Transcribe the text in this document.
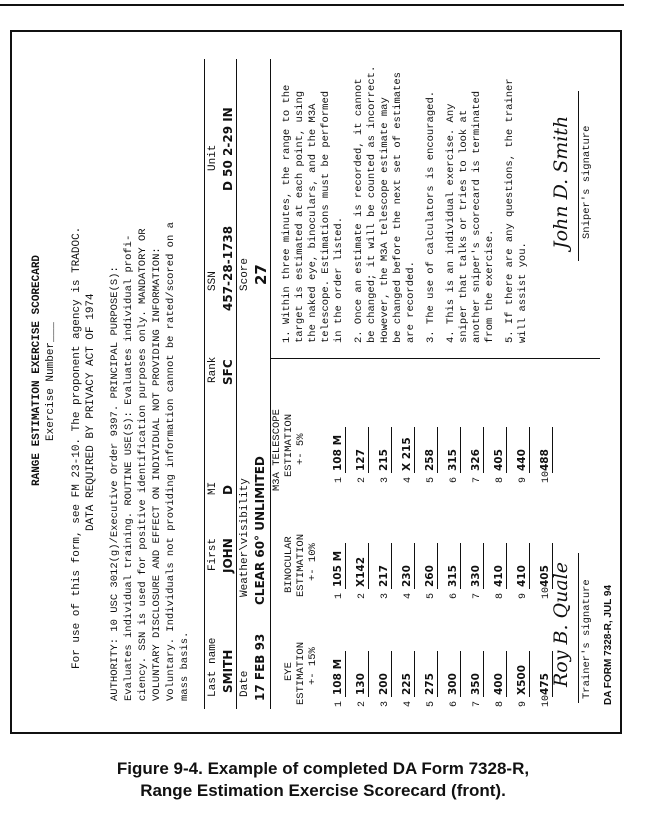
RANGE ESTIMATION EXERCISE SCORECARD Exercise Number___ For use of this form, see FM 23-10. The proponent agency is TRADOC. DATA REQUIRED BY PRIVACY ACT OF 1974 AUTHORITY: 10 USC 3012(g)/Executive Order 9397. PRINCIPAL PURPOSE(S): Evaluates individual training. ROUTINE USE(S): Evaluates individual profi- ciency. SSN is used for positive identification purposes only. MANDATORY OR VOLUNTARY DISCLOSURE AND EFFECT ON INDIVIDUAL NOT PROVIDING INFORMATION: Voluntary. Individuals not providing information cannot be rated/scored on a mass basis. Last name
First
MI
Rank
SSN
Unit
SMITH
JOHN
D
SFC
457-28-1738
D 50 2-29 IN
Date
Weather\visibility
Score
17 FEB 93
CLEAR 60° UNLIMITED
27
EYE ESTIMATION +- 15%
BINOCULAR ESTIMATION +- 10%
M3A TELESCOPE ESTIMATION +- 5%
1
108 M
2
130
3
200
4
225
5
275
6
300
7
350
8
400
9
X500
10
475
1
105 M
2
X142
3
217
4
230
5
260
6
315
7
330
8
410
9
410
10
405
1
108 M
2
127
3
215
4
X 215
5
258
6
315
7
326
8
405
9
440
10
488
1. Within three minutes, the range to the target is estimated at each point, using the naked eye, binoculars, and the M3A telescope. Estimations must be performed in the order listed. 2. Once an estimate is recorded, it cannot be changed; it will be counted as incorrect. However, the M3A telescope estimate may be changed before the next set of estimates are recorded. 3. The use of calculators is encouraged. 4. This is an individual exercise. Any sniper that talks or tries to look at another sniper's scorecard is terminated from the exercise. 5. If there are any questions, the trainer will assist you.
Roy B. Quale Trainer's signature
John D. Smith Sniper's signature
DA FORM 7328-R, JUL 94
Figure 9-4. Example of completed DA Form 7328-R,
Range Estimation Exercise Scorecard (front).
